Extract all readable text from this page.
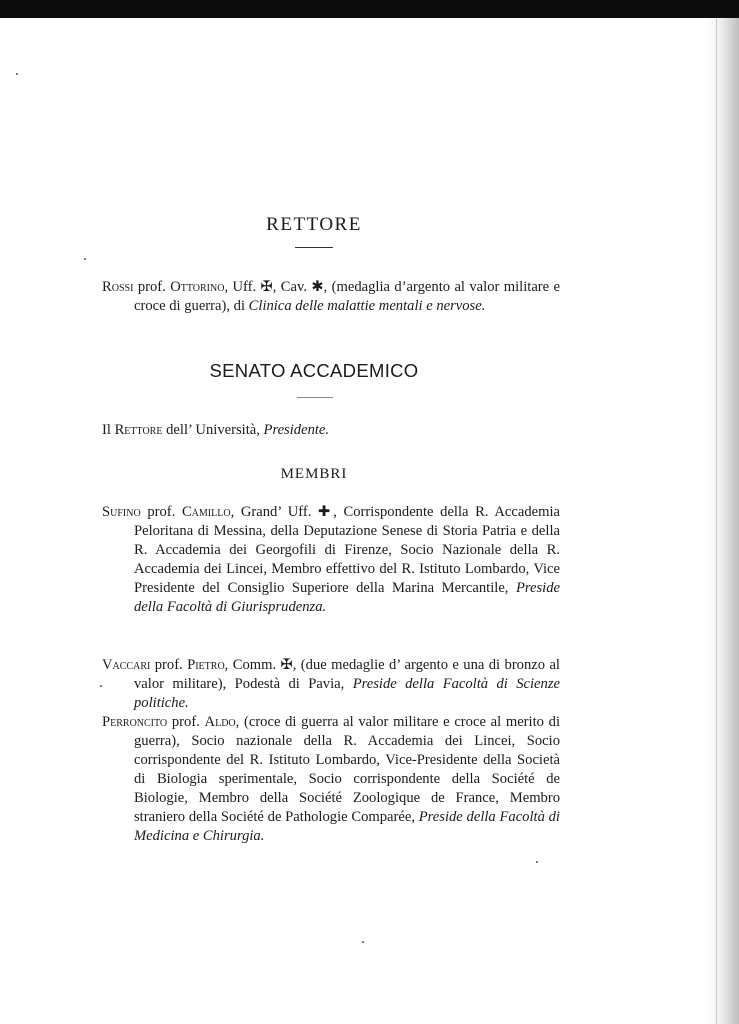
RETTORE

Rossi prof. Ottorino, Uff. ✠, Cav. ✱, (medaglia d’argento al valor militare e croce di guerra), di Clinica delle malattie mentali e nervose.

SENATO ACCADEMICO

Il Rettore dell’ Università, Presidente.

MEMBRI

Sufino prof. Camillo, Grand’ Uff. ✚, Corrispondente della R. Accademia Peloritana di Messina, della Deputazione Senese di Storia Patria e della R. Accademia dei Georgofili di Firenze, Socio Nazionale della R. Accademia dei Lincei, Membro effettivo del R. Istituto Lombardo, Vice Presidente del Consiglio Superiore della Marina Mercantile, Preside della Facoltà di Giurisprudenza.

Vaccari prof. Pietro, Comm. ✠, (due medaglie d’ argento e una di bronzo al valor militare), Podestà di Pavia, Preside della Facoltà di Scienze politiche.

Perroncito prof. Aldo, (croce di guerra al valor militare e croce al merito di guerra), Socio nazionale della R. Accademia dei Lincei, Socio corrispondente del R. Istituto Lombardo, Vice-Presidente della Società di Biologia sperimentale, Socio corrispondente della Société de Biologie, Membro della Société Zoologique de France, Membro straniero della Société de Pathologie Comparée, Preside della Facoltà di Medicina e Chirurgia.
